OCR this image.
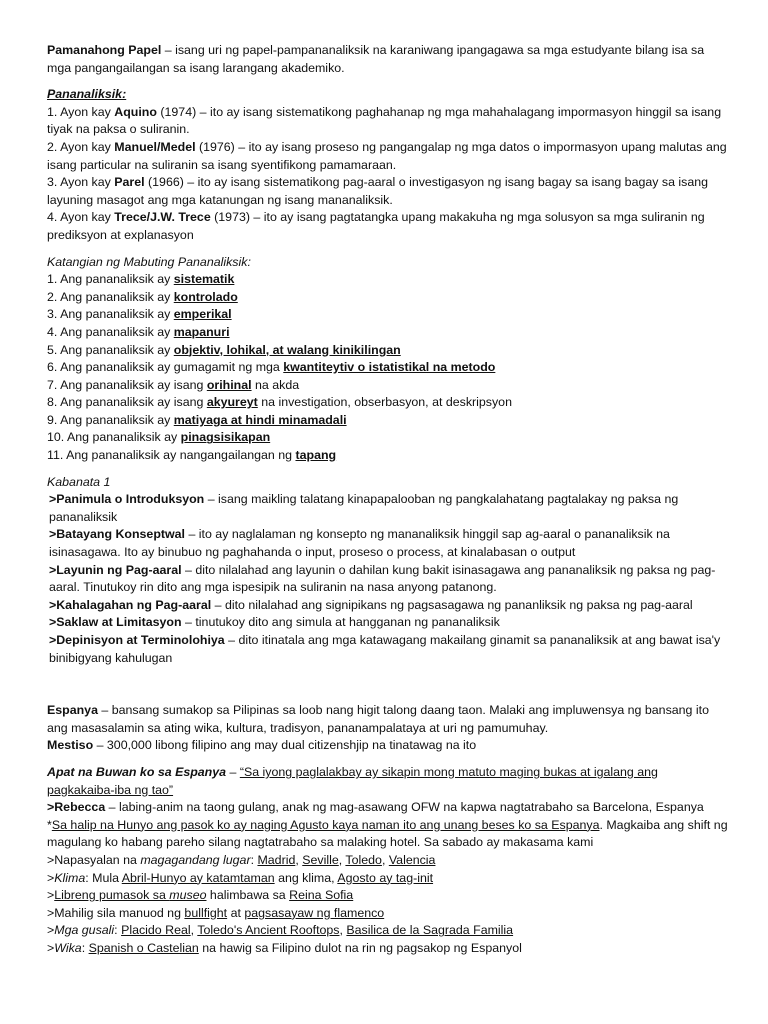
Pamanahong Papel – isang uri ng papel-pampananaliksik na karaniwang ipangagawa sa mga estudyante bilang isa sa mga pangangailangan sa isang larangang akademiko.

Pananaliksik:

1. Ayon kay Aquino (1974) – ito ay isang sistematikong paghahanap ng mga mahahalagang impormasyon hinggil sa isang tiyak na paksa o suliranin.

2. Ayon kay Manuel/Medel (1976) – ito ay isang proseso ng pangangalap ng mga datos o impormasyon upang malutas ang isang particular na suliranin sa isang syentifikong pamamaraan.

3. Ayon kay Parel (1966) – ito ay isang sistematikong pag-aaral o investigasyon ng isang bagay sa isang bagay sa isang layuning masagot ang mga katanungan ng isang mananaliksik.

4. Ayon kay Trece/J.W. Trece (1973) – ito ay isang pagtatangka upang makakuha ng mga solusyon sa mga suliranin ng prediksyon at explanasyon

Katangian ng Mabuting Pananaliksik:

1. Ang pananaliksik ay sistematik

2. Ang pananaliksik ay kontrolado

3. Ang pananaliksik ay emperikal

4. Ang pananaliksik ay mapanuri

5. Ang pananaliksik ay objektiv, lohikal, at walang kinikilingan

6. Ang pananaliksik ay gumagamit ng mga kwantiteytiv o istatistikal na metodo

7. Ang pananaliksik ay isang orihinal na akda

8. Ang pananaliksik ay isang akyureyt na investigation, obserbasyon, at deskripsyon

9. Ang pananaliksik ay matiyaga at hindi minamadali

10. Ang pananaliksik ay pinagsisikapan

11. Ang pananaliksik ay nangangailangan ng tapang

Kabanata 1

>Panimula o Introduksyon – isang maikling talatang kinapapalooban ng pangkalahatang pagtalakay ng paksa ng pananaliksik

>Batayang Konseptwal – ito ay naglalaman ng konsepto ng mananaliksik hinggil sap ag-aaral o pananaliksik na isinasagawa. Ito ay binubuo ng paghahanda o input, proseso o process, at kinalabasan o output

>Layunin ng Pag-aaral – dito nilalahad ang layunin o dahilan kung bakit isinasagawa ang pananaliksik ng paksa ng pag-aaral. Tinutukoy rin dito ang mga ispesipik na suliranin na nasa anyong patanong.

>Kahalagahan ng Pag-aaral – dito nilalahad ang signipikans ng pagsasagawa ng pananliksik ng paksa ng pag-aaral

>Saklaw at Limitasyon – tinutukoy dito ang simula at hangganan ng pananaliksik

>Depinisyon at Terminolohiya – dito itinatala ang mga katawagang makailang ginamit sa pananaliksik at ang bawat isa'y binibigyang kahulugan

Espanya – bansang sumakop sa Pilipinas sa loob nang higit talong daang taon. Malaki ang impluwensya ng bansang ito ang masasalamin sa ating wika, kultura, tradisyon, pananampalataya at uri ng pamumuhay.

Mestiso – 300,000 libong filipino ang may dual citizenshjip na tinatawag na ito

Apat na Buwan ko sa Espanya – “Sa iyong paglalakbay ay sikapin mong matuto maging bukas at igalang ang pagkakaiba-iba ng tao”

>Rebecca – labing-anim na taong gulang, anak ng mag-asawang OFW na kapwa nagtatrabaho sa Barcelona, Espanya

*Sa halip na Hunyo ang pasok ko ay naging Agusto kaya naman ito ang unang beses ko sa Espanya. Magkaiba ang shift ng magulang ko habang pareho silang nagtatrabaho sa malaking hotel. Sa sabado ay makasama kami

>Napasyalan na magagandang lugar: Madrid, Seville, Toledo, Valencia

>Klima: Mula Abril-Hunyo ay katamtaman ang klima, Agosto ay tag-init

>Libreng pumasok sa museo halimbawa sa Reina Sofia

>Mahilig sila manuod ng bullfight at pagsasayaw ng flamenco

>Mga gusali: Placido Real, Toledo's Ancient Rooftops, Basilica de la Sagrada Familia

>Wika: Spanish o Castelian na hawig sa Filipino dulot na rin ng pagsakop ng Espanyol
